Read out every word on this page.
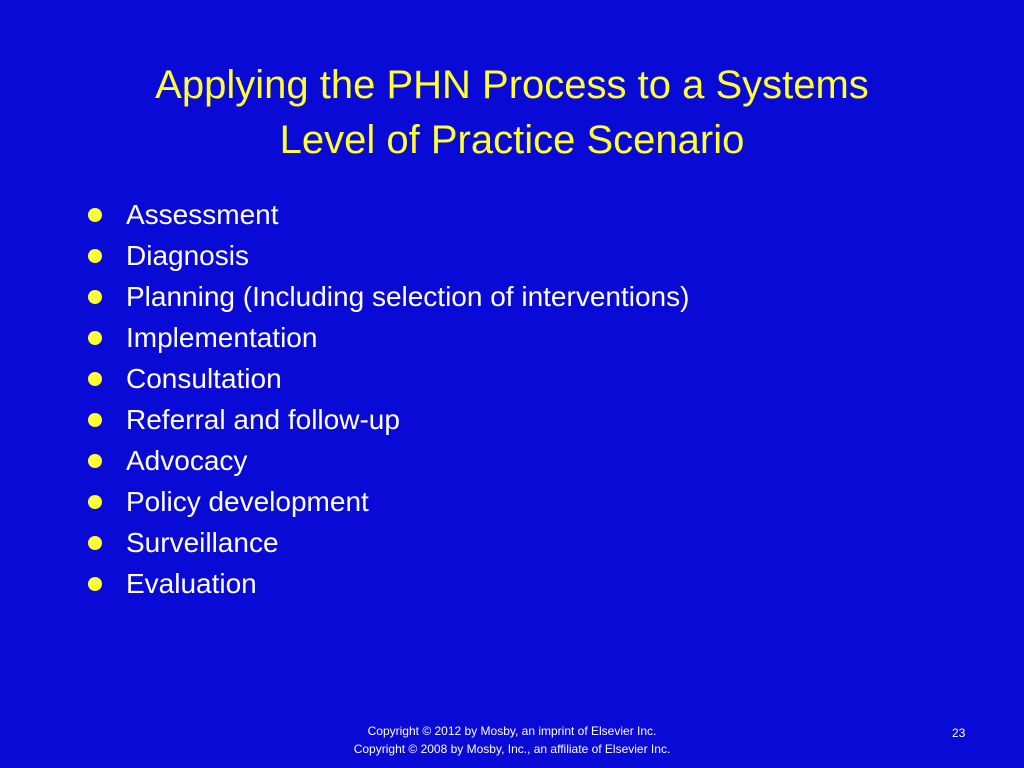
Applying the PHN Process to a Systems
Level of Practice Scenario
Assessment
Diagnosis
Planning (Including selection of interventions)
Implementation
Consultation
Referral and follow-up
Advocacy
Policy development
Surveillance
Evaluation
Copyright © 2012 by Mosby, an imprint of Elsevier Inc.
Copyright © 2008 by Mosby, Inc., an affiliate of Elsevier Inc.
23
